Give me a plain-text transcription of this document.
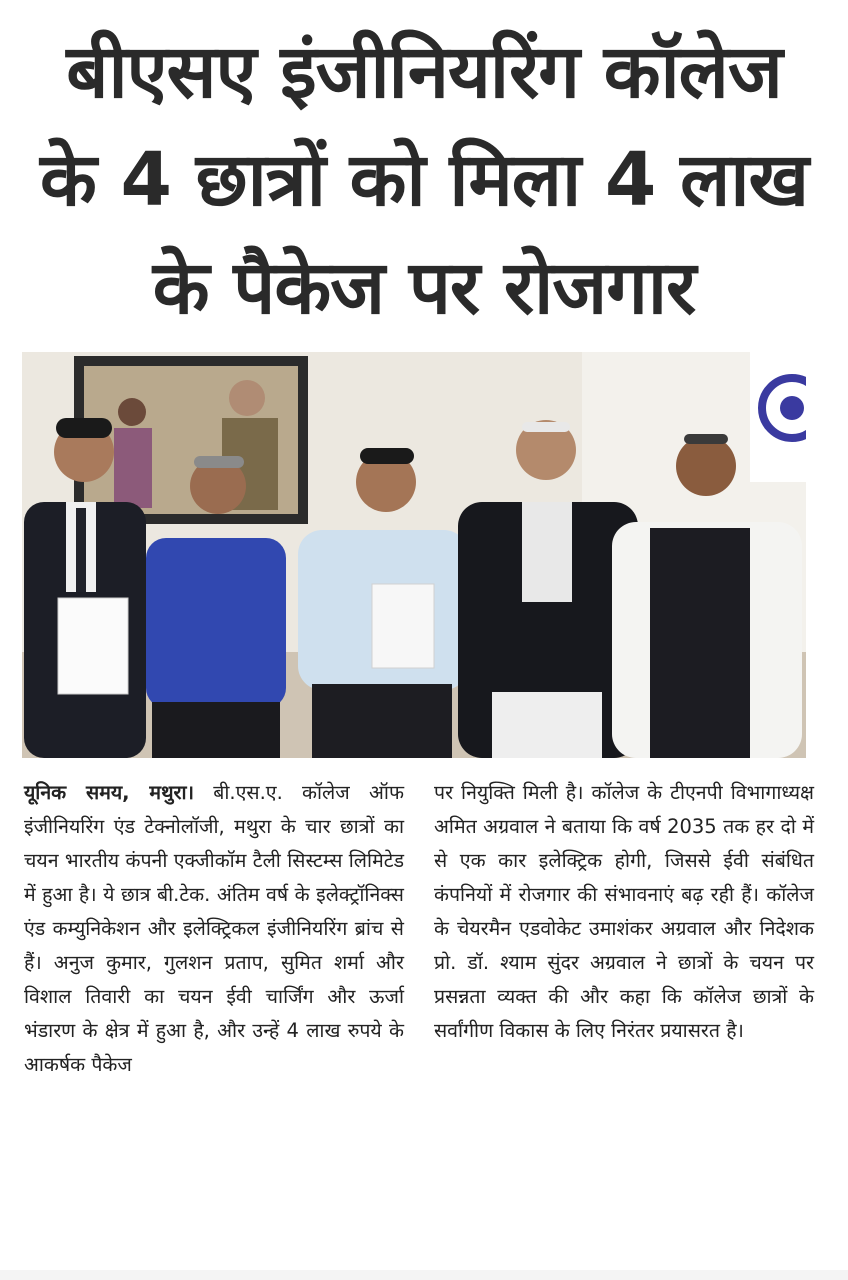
बीएसए इंजीनियरिंग कॉलेज
के 4 छात्रों को मिला 4 लाख
के पैकेज पर रोजगार

यूनिक समय, मथुरा। बी.एस.ए. कॉलेज ऑफ इंजीनियरिंग एंड टेक्नोलॉजी, मथुरा के चार छात्रों का चयन भारतीय कंपनी एक्जीकॉम टैली सिस्टम्स लिमिटेड में हुआ है। ये छात्र बी.टेक. अंतिम वर्ष के इलेक्ट्रॉनिक्स एंड कम्युनिकेशन और इलेक्ट्रिकल इंजीनियरिंग ब्रांच से हैं। अनुज कुमार, गुलशन प्रताप, सुमित शर्मा और विशाल तिवारी का चयन ईवी चार्जिंग और ऊर्जा भंडारण के क्षेत्र में हुआ है, और उन्हें 4 लाख रुपये के आकर्षक पैकेज

पर नियुक्ति मिली है। कॉलेज के टीएनपी विभागाध्यक्ष अमित अग्रवाल ने बताया कि वर्ष 2035 तक हर दो में से एक कार इलेक्ट्रिक होगी, जिससे ईवी संबंधित कंपनियों में रोजगार की संभावनाएं बढ़ रही हैं। कॉलेज के चेयरमैन एडवोकेट उमाशंकर अग्रवाल और निदेशक प्रो. डॉ. श्याम सुंदर अग्रवाल ने छात्रों के चयन पर प्रसन्नता व्यक्त की और कहा कि कॉलेज छात्रों के सर्वांगीण विकास के लिए निरंतर प्रयासरत है।
